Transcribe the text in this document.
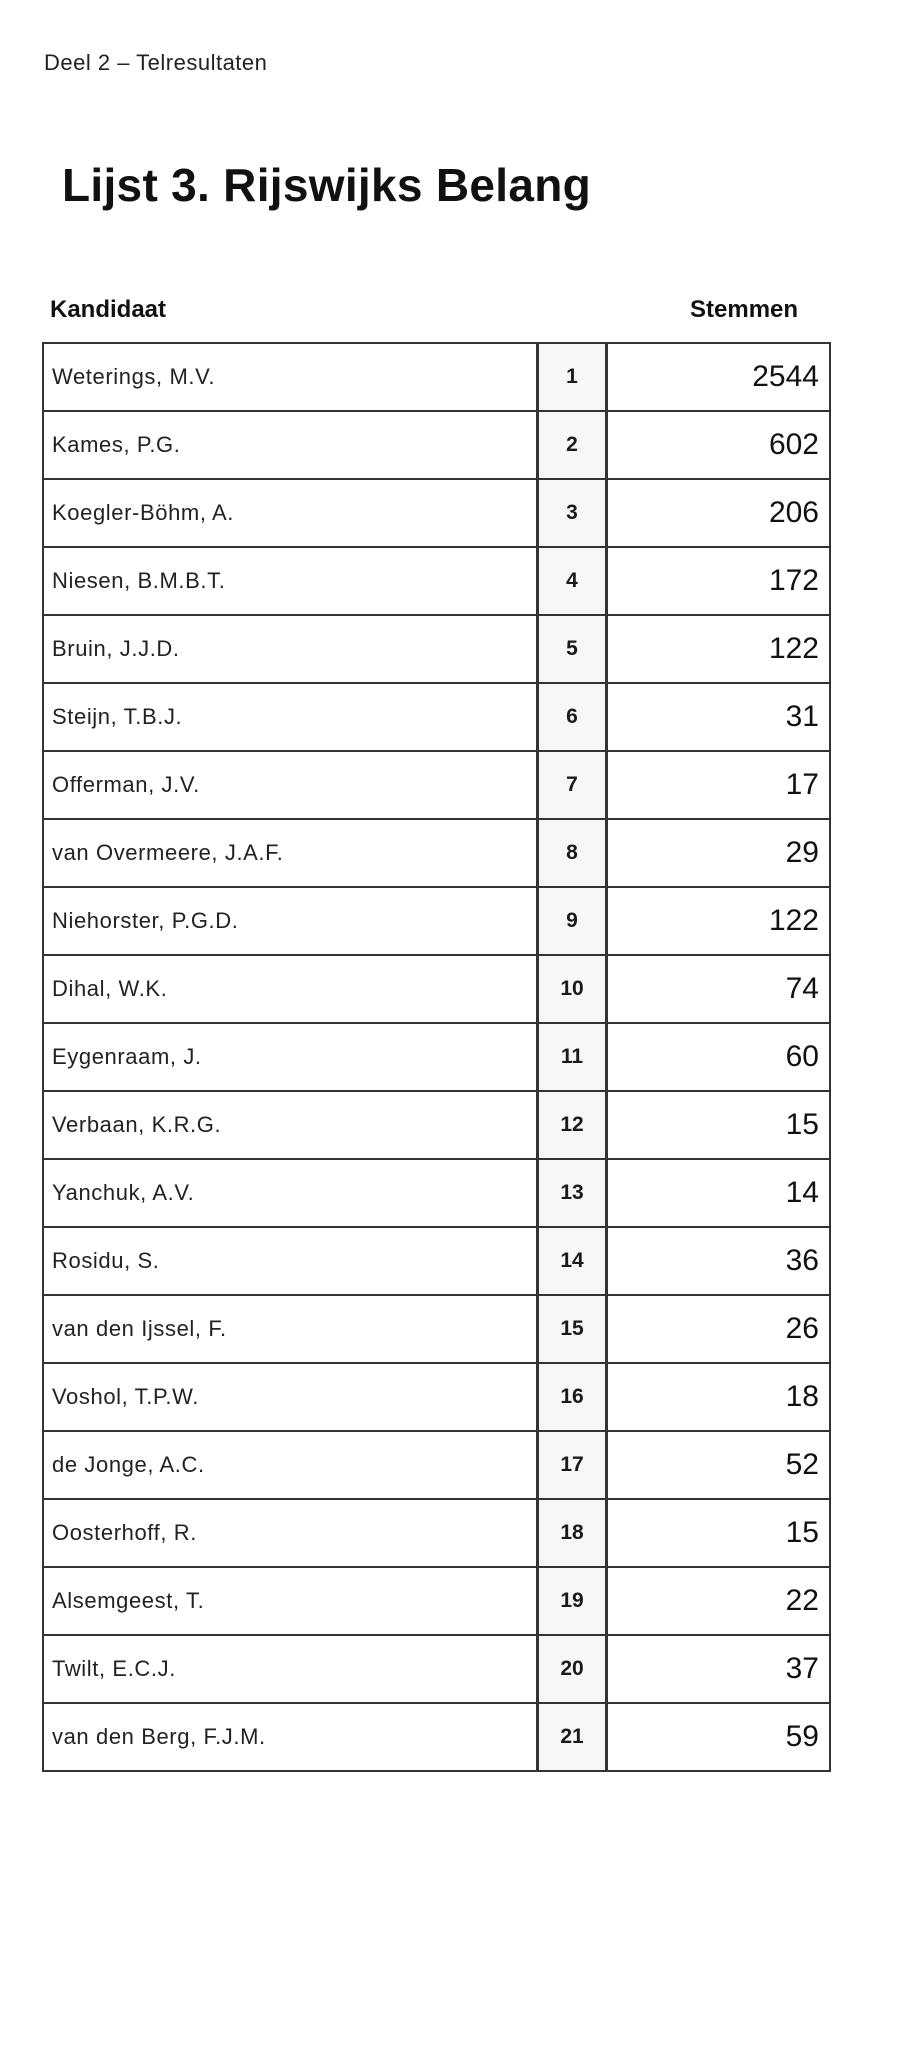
Deel 2 – Telresultaten
Lijst 3. Rijswijks Belang
Kandidaat	Stemmen
Weterings, M.V.	1	2544
Kames, P.G.	2	602
Koegler-Böhm, A.	3	206
Niesen, B.M.B.T.	4	172
Bruin, J.J.D.	5	122
Steijn, T.B.J.	6	31
Offerman, J.V.	7	17
van Overmeere, J.A.F.	8	29
Niehorster, P.G.D.	9	122
Dihal, W.K.	10	74
Eygenraam, J.	11	60
Verbaan, K.R.G.	12	15
Yanchuk, A.V.	13	14
Rosidu, S.	14	36
van den Ijssel, F.	15	26
Voshol, T.P.W.	16	18
de Jonge, A.C.	17	52
Oosterhoff, R.	18	15
Alsemgeest, T.	19	22
Twilt, E.C.J.	20	37
van den Berg, F.J.M.	21	59
